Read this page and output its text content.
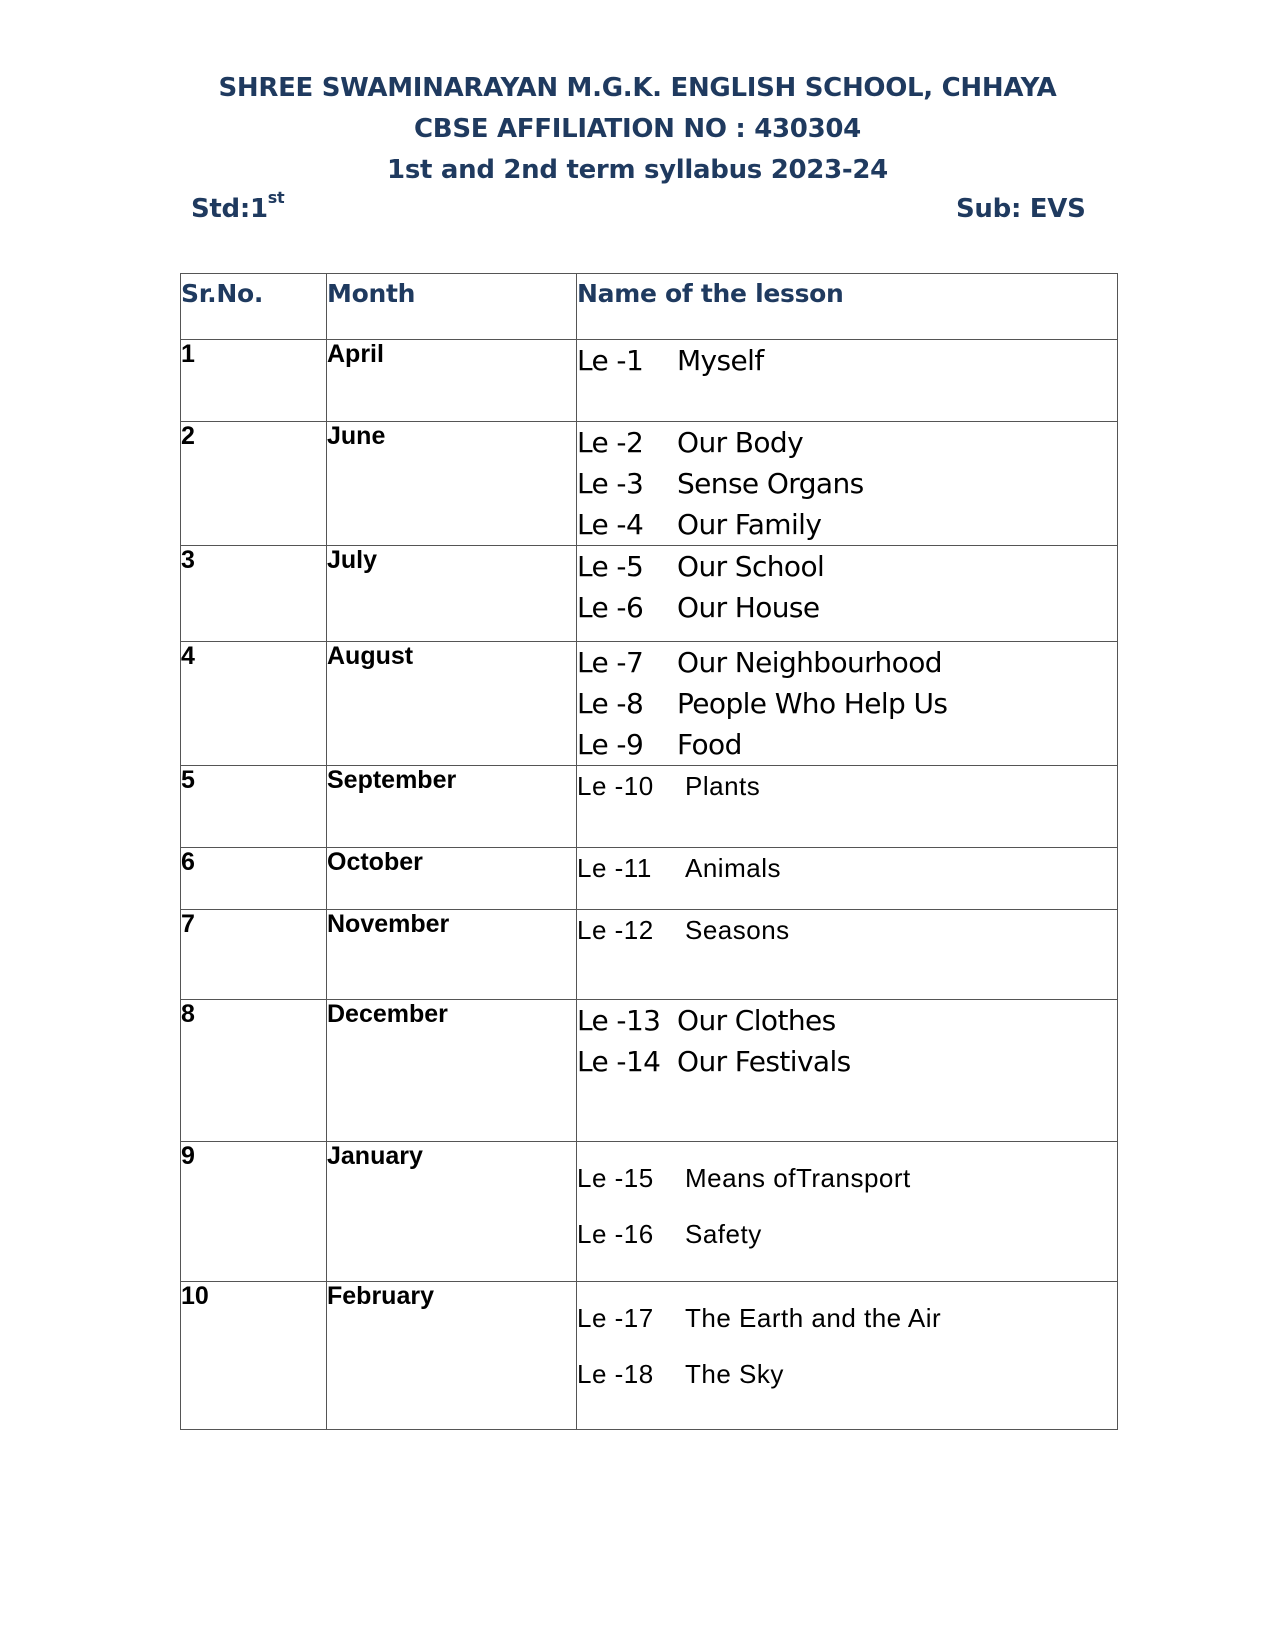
SHREE SWAMINARAYAN M.G.K. ENGLISH SCHOOL, CHHAYA
CBSE AFFILIATION NO : 430304
1st and 2nd term syllabus 2023-24
Std:1st	Sub: EVS
Sr.No.	Month	Name of the lesson
1	April	Le -1 Myself

2	June	Le -2 Our Body
Le -3 Sense Organs
Le -4 Our Family

3	July	Le -5 Our School
Le -6 Our House

4	August	Le -7 Our Neighbourhood
Le -8 People Who Help Us
Le -9 Food

5	September	Le -10 Plants

6	October	Le -11 Animals

7	November	Le -12 Seasons

8	December	Le -13 Our Clothes
Le -14 Our Festivals

9	January	Le -15 Means ofTransport
Le -16 Safety

10	February	Le -17 The Earth and the Air
Le -18 The Sky
